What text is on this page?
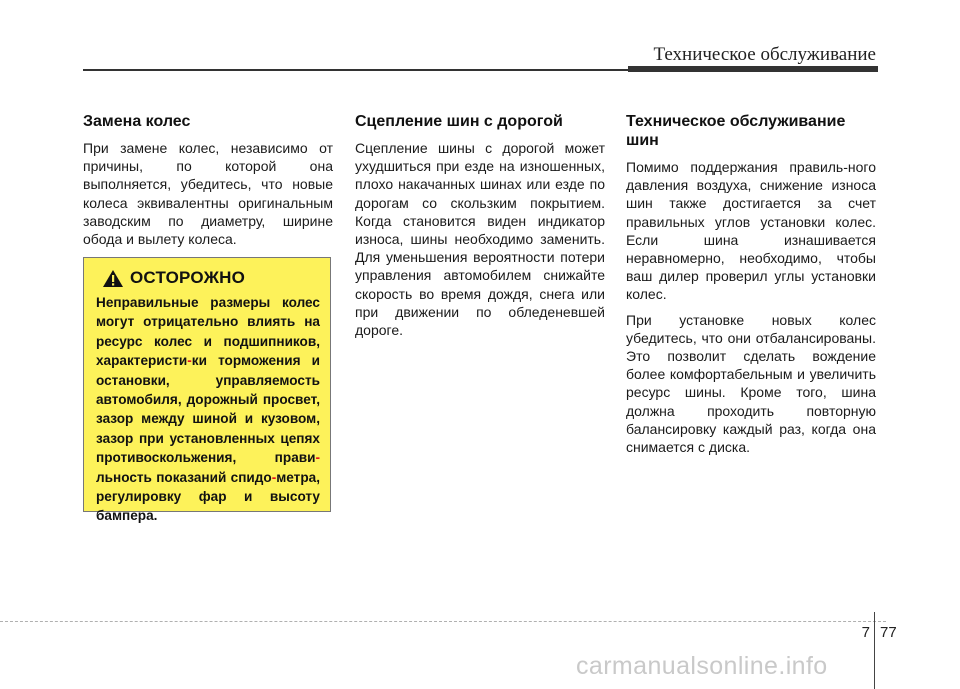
Техническое обслуживание
Замена колес

При замене колес, независимо от причины, по которой она выполняется, убедитесь, что новые колеса эквивалентны оригинальным заводским по диаметру, ширине обода и вылету колеса.

ОСТОРОЖНО

Неправильные размеры колес могут отрицательно влиять на ресурс колес и подшипников, характеристи-ки торможения и остановки, управляемость автомобиля, дорожный просвет, зазор между шиной и кузовом, зазор при установленных цепях противоскольжения, прави-льность показаний спидо-метра, регулировку фар и высоту бампера.

Сцепление шин с дорогой

Сцепление шины с дорогой может ухудшиться при езде на изношенных, плохо накачанных шинах или езде по дорогам со скользким покрытием. Когда становится виден индикатор износа, шины необходимо заменить. Для уменьшения вероятности потери управления автомобилем снижайте скорость во время дождя, снега или при движении по обледеневшей дороге.

Техническое обслуживание шин

Помимо поддержания правиль-ного давления воздуха, снижение износа шин также достигается за счет правильных углов установки колес. Если шина изнашивается неравномерно, необходимо, чтобы ваш дилер проверил углы установки колес.

При установке новых колес убедитесь, что они отбалансированы. Это позволит сделать вождение более комфортабельным и увеличить ресурс шины. Кроме того, шина должна проходить повторную балансировку каждый раз, когда она снимается с диска.

7 77
carmanualsonline.info
